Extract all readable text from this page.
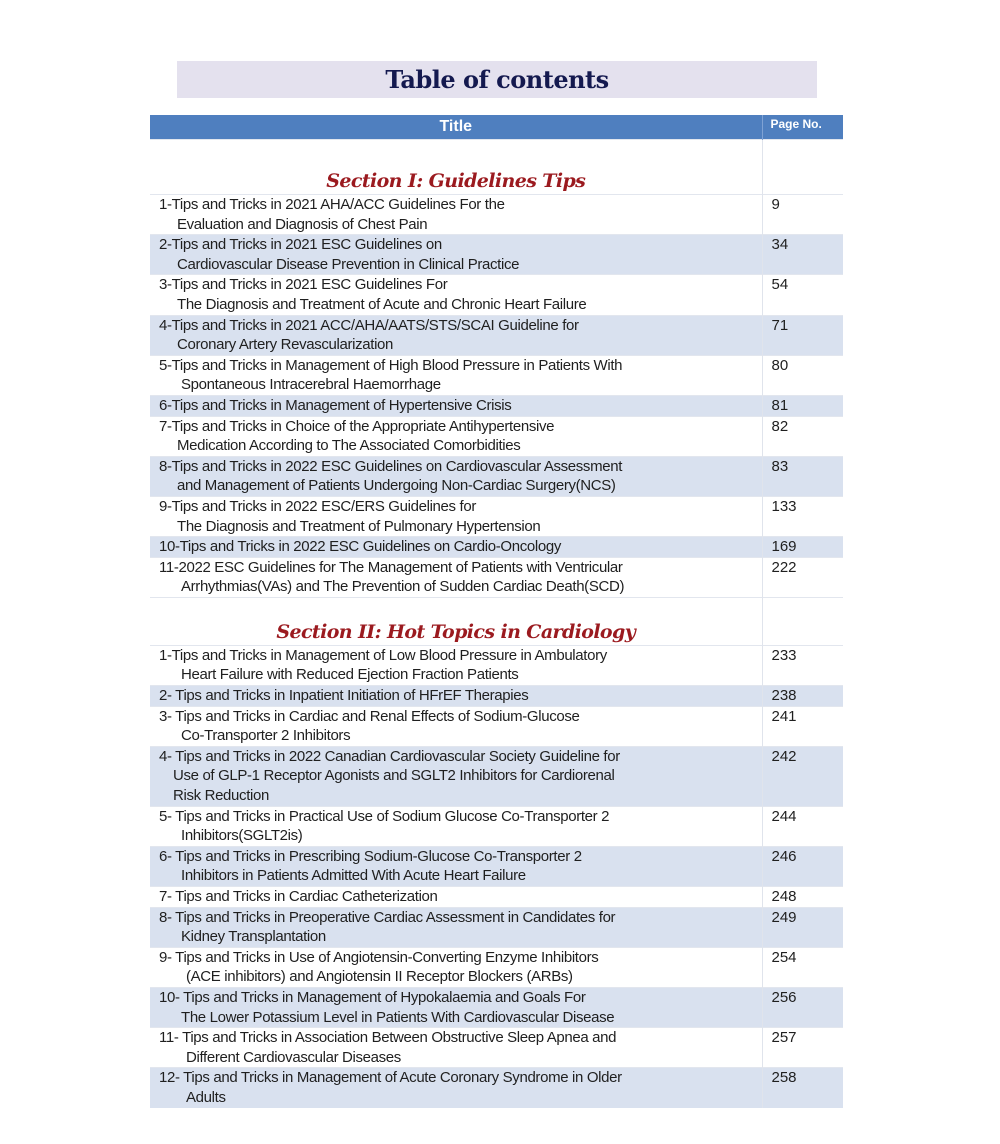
Table of contents
Title	Page No.

Section I: Guidelines Tips	

1-Tips and Tricks in 2021 AHA/ACC Guidelines For the
Evaluation and Diagnosis of Chest Pain	9

2-Tips and Tricks in 2021 ESC Guidelines on
Cardiovascular Disease Prevention in Clinical Practice	34

3-Tips and Tricks in 2021 ESC Guidelines For
The Diagnosis and Treatment of Acute and Chronic Heart Failure	54

4-Tips and Tricks in 2021 ACC/AHA/AATS/STS/SCAI Guideline for
Coronary Artery Revascularization	71

5-Tips and Tricks in Management of High Blood Pressure in Patients With
Spontaneous Intracerebral Haemorrhage	80

6-Tips and Tricks in Management of Hypertensive Crisis	81

7-Tips and Tricks in Choice of the Appropriate Antihypertensive
Medication According to The Associated Comorbidities	82

8-Tips and Tricks in 2022 ESC Guidelines on Cardiovascular Assessment
and Management of Patients Undergoing Non-Cardiac Surgery(NCS)	83

9-Tips and Tricks in 2022 ESC/ERS Guidelines for
The Diagnosis and Treatment of Pulmonary Hypertension	133

10-Tips and Tricks in 2022 ESC Guidelines on Cardio-Oncology	169

11-2022 ESC Guidelines for The Management of Patients with Ventricular
Arrhythmias(VAs) and The Prevention of Sudden Cardiac Death(SCD)	222

Section II: Hot Topics in Cardiology	

1-Tips and Tricks in Management of Low Blood Pressure in Ambulatory
Heart Failure with Reduced Ejection Fraction Patients	233

2- Tips and Tricks in Inpatient Initiation of HFrEF Therapies	238

3- Tips and Tricks in Cardiac and Renal Effects of Sodium-Glucose
Co-Transporter 2 Inhibitors	241

4- Tips and Tricks in 2022 Canadian Cardiovascular Society Guideline for
Use of GLP-1 Receptor Agonists and SGLT2 Inhibitors for Cardiorenal
Risk Reduction	242

5- Tips and Tricks in Practical Use of Sodium Glucose Co-Transporter 2
Inhibitors(SGLT2is)	244

6- Tips and Tricks in Prescribing Sodium-Glucose Co-Transporter 2
Inhibitors in Patients Admitted With Acute Heart Failure	246

7- Tips and Tricks in Cardiac Catheterization	248

8- Tips and Tricks in Preoperative Cardiac Assessment in Candidates for
Kidney Transplantation	249

9- Tips and Tricks in Use of Angiotensin-Converting Enzyme Inhibitors
(ACE inhibitors) and Angiotensin II Receptor Blockers (ARBs)	254

10- Tips and Tricks in Management of Hypokalaemia and Goals For
The Lower Potassium Level in Patients With Cardiovascular Disease	256

11- Tips and Tricks in Association Between Obstructive Sleep Apnea and
Different Cardiovascular Diseases	257

12- Tips and Tricks in Management of Acute Coronary Syndrome in Older
Adults	258
